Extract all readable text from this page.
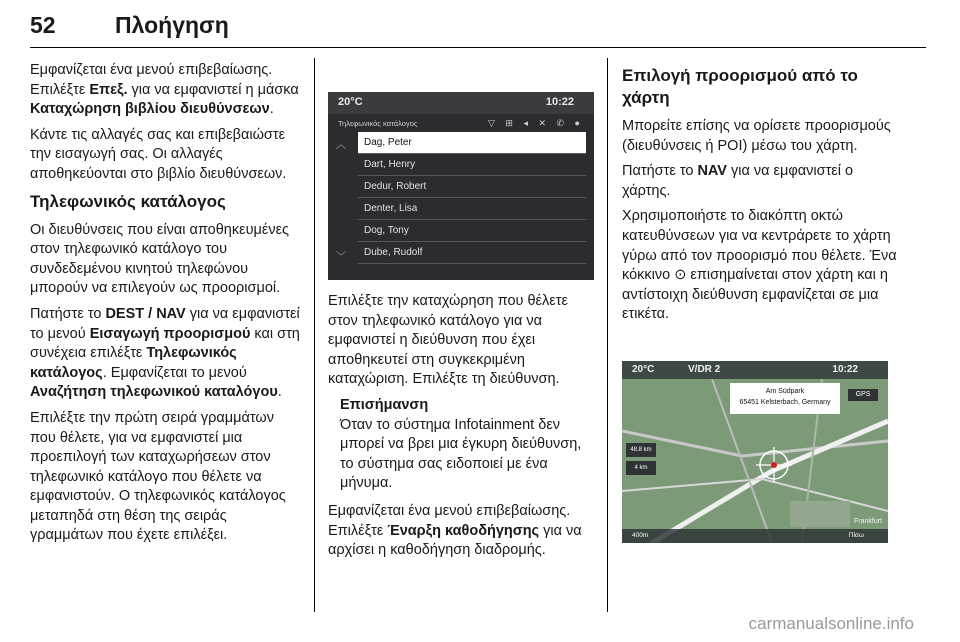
52	Πλοήγηση

Εμφανίζεται ένα μενού επιβεβαίωσης. Επιλέξτε Επεξ. για να εμφανιστεί η μάσκα Καταχώρηση βιβλίου διευθύνσεων.

Κάντε τις αλλαγές σας και επιβεβαιώστε την εισαγωγή σας. Οι αλλαγές αποθηκεύονται στο βιβλίο διευθύνσεων.

Τηλεφωνικός κατάλογος

Οι διευθύνσεις που είναι αποθηκευμένες στον τηλεφωνικό κατάλογο του συνδεδεμένου κινητού τηλεφώνου μπορούν να επιλεγούν ως προορισμοί.

Πατήστε το DEST / NAV για να εμφανιστεί το μενού Εισαγωγή προορισμού και στη συνέχεια επιλέξτε Τηλεφωνικός κατάλογος. Εμφανίζεται το μενού Αναζήτηση τηλεφωνικού καταλόγου.

Επιλέξτε την πρώτη σειρά γραμμάτων που θέλετε, για να εμφανιστεί μια προεπιλογή των καταχωρήσεων στον τηλεφωνικό κατάλογο που θέλετε να εμφανιστούν. Ο τηλεφωνικός κατάλογος μεταπηδά στη θέση της σειράς γραμμάτων που έχετε επιλέξει.

20°C	10:22
Τηλεφωνικός κατάλογος	▽ ⊞ ◂ ✕ ✆ ●
︿
﹀
Dag, Peter
Dart, Henry
Dedur, Robert
Denter, Lisa
Dog, Tony
Dube, Rudolf

Επιλέξτε την καταχώρηση που θέλετε στον τηλεφωνικό κατάλογο για να εμφανιστεί η διεύθυνση που έχει αποθηκευτεί στη συγκεκριμένη καταχώριση. Επιλέξτε τη διεύθυνση.

Επισήμανση
Όταν το σύστημα Infotainment δεν μπορεί να βρει μια έγκυρη διεύθυνση, το σύστημα σας ειδοποιεί με ένα μήνυμα.

Εμφανίζεται ένα μενού επιβεβαίωσης. Επιλέξτε Έναρξη καθοδήγησης για να αρχίσει η καθοδήγηση διαδρομής.

Επιλογή προορισμού από το χάρτη

Μπορείτε επίσης να ορίσετε προορισμούς (διευθύνσεις ή POI) μέσω του χάρτη.

Πατήστε το NAV για να εμφανιστεί ο χάρτης.

Χρησιμοποιήστε το διακόπτη οκτώ κατευθύνσεων για να κεντράρετε το χάρτη γύρω από τον προορισμό που θέλετε. Ένα κόκκινο ⊙ επισημαίνεται στον χάρτη και η αντίστοιχη διεύθυνση εμφανίζεται σε μια ετικέτα.

20°C	V/DR 2	10:22
Am Südpark
65451 Kelsterbach, Germany
GPS
48.8 km
4 km
Frankfurt
400m	Πίσω
carmanualsonline.info
